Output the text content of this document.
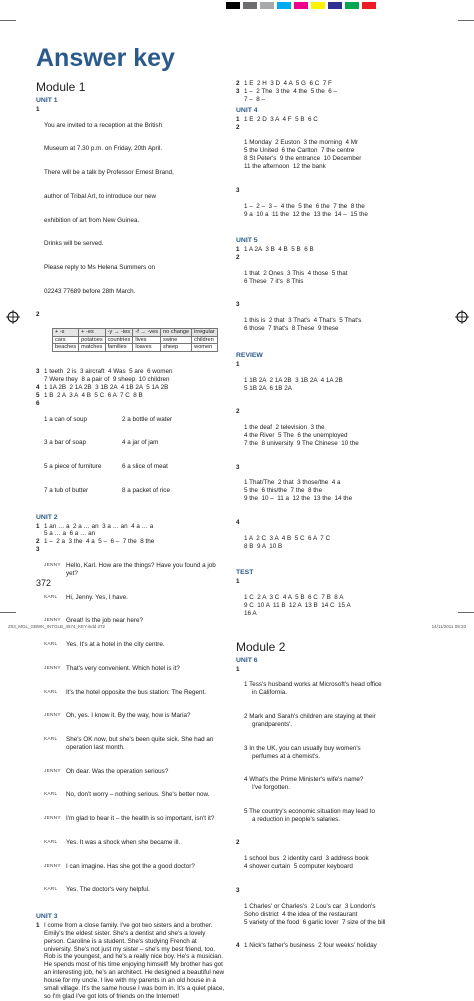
Answer key
Module 1
UNIT 1
1

You are invited to a reception at the British

Museum at 7.30 p.m. on Friday, 20th April.

There will be a talk by Professor Ernest Brand,

author of Tribal Art, to introduce our new

exhibition of art from New Guinea.

Drinks will be served.

Please reply to Ms Helena Summers on

02243 77689 before 28th March.

2

+ -s	+ -es	-y → -ies	-f → -ves	no change	irregular
cars	potatoes	countries	lives	swine	children
beaches	matches	families	loaves	sheep	women

3 1 teeth  2 is  3 aircraft  4 Was  5 are  6 women
7 Were they  8 a pair of  9 sheep  10 children
4 1 1A 2B  2 1A 2B  3 1B 2A  4 1B 2A  5 1A 2B
5 1 B  2 A  3 A  4 B  5 C  6 A  7 C  8 B
6

1 a can of soup	2 a bottle of water

3 a bar of soap	4 a jar of jam

5 a piece of furniture	6 a slice of meat

7 a tub of butter	8 a packet of rice

UNIT 2
1 1 an … a  2 a … an  3 a … an  4 a … a
5 a … a  6 a … an
2 1 –  2 a  3 the  4 a  5 –  6 –  7 the  8 the
3

JENNY Hello, Karl. How are the things? Have you found a job yet?

KARL	Hi, Jenny. Yes, I have.

JENNY Great! Is the job near here?

KARL	Yes. It's at a hotel in the city centre.

JENNY That's very convenient. Which hotel is it?

KARL	It's the hotel opposite the bus station: The Regent.

JENNY Oh, yes. I know it. By the way, how is Maria?

KARL	She's OK now, but she's been quite sick. She had an operation last month.

JENNY Oh dear. Was the operation serious?

KARL	No, don't worry – nothing serious. She's better now.

JENNY I'm glad to hear it – the health is so important, isn't it?

KARL	Yes. It was a shock when she became ill.

JENNY I can imagine. Has she got the a good doctor?

KARL	Yes. The doctor's very helpful.

UNIT 3
1 I come from a close family. I've got two sisters and a brother. Emily's the eldest sister. She's a dentist and she's a lovely person. Caroline is a student. She's studying French at university. She's not just my sister – she's my best friend, too. Rob is the youngest, and he's a really nice boy. He's a musician. He spends most of his time enjoying himself! My brother has got an interesting job, he's an architect. He designed a beautiful new house for my uncle. I live with my parents in an old house in a small village. It's the same house I was born in. It's a quiet place, so I'm glad I've got lots of friends on the Internet!
2 1 E  2 H  3 D  4 A  5 G  6 C  7 F
3 1 –  2 The  3 the  4 the  5 the  6 –
7 –  8 –
UNIT 4
1 1 E  2 D  3 A  4 F  5 B  6 C
2

1 Monday  2 Euston  3 the morning  4 Mr
5 the United  6 the Carlton  7 the centre
8 St Peter's  9 the entrance  10 December
11 the afternoon  12 the bank

3

1 –  2 –  3 –  4 the  5 the  6 the  7 the  8 the
9 a  10 a  11 the  12 the  13 the  14 –  15 the

UNIT 5
1 1 A 2A  3 B  4 B  5 B  6 B
2

1 that  2 Ones  3 This  4 those  5 that
6 These  7 it's  8 This

3

1 this is  2 that  3 That's  4 That's  5 That's
6 those  7 that's  8 These  9 these

REVIEW
1

1 1B 2A  2 1A 2B  3 1B 2A  4 1A 2B
5 1B 2A  6 1B 2A

2

1 the deaf  2 television  3 the
4 the River  5 The  6 the unemployed
7 the  8 university  9 The Chinese  10 the

3

1 That/The  2 that  3 those/the  4 a
5 the  6 this/the  7 the  8 the
9 the  10 –  11 a  12 the  13 the  14 the

4

1 A  2 C  3 A  4 B  5 C  6 A  7 C
8 B  9 A  10 B

TEST
1

1 C  2 A  3 C  4 A  5 B  6 C  7 B  8 A
9 C  10 A  11 B  12 A  13 B  14 C  15 A
16 A

Module 2
UNIT 6
1

1 Tess's husband works at Microsoft's head office
in California.

2 Mark and Sarah's children are staying at their
grandparents'.

3 In the UK, you can usually buy women's
perfumes at a chemist's.

4 What's the Prime Minister's wife's name?
I've forgotten.

5 The country's economic situation may lead to
a reduction in people's salaries.

2

1 school bus  2 identity card  3 address book
4 shower curtain  5 computer keyboard

3

1 Charles' or Charles's  2 Lou's car  3 London's
Soho district  4 the idea of the restaurant
5 variety of the food  6 garlic lover  7 size of the bill

4 1 Nick's father's business  2 four weeks' holiday
372
Z03_MGL_GBWK_INTGLB_4574_KEY.indd 372	14/11/2011 09:33
